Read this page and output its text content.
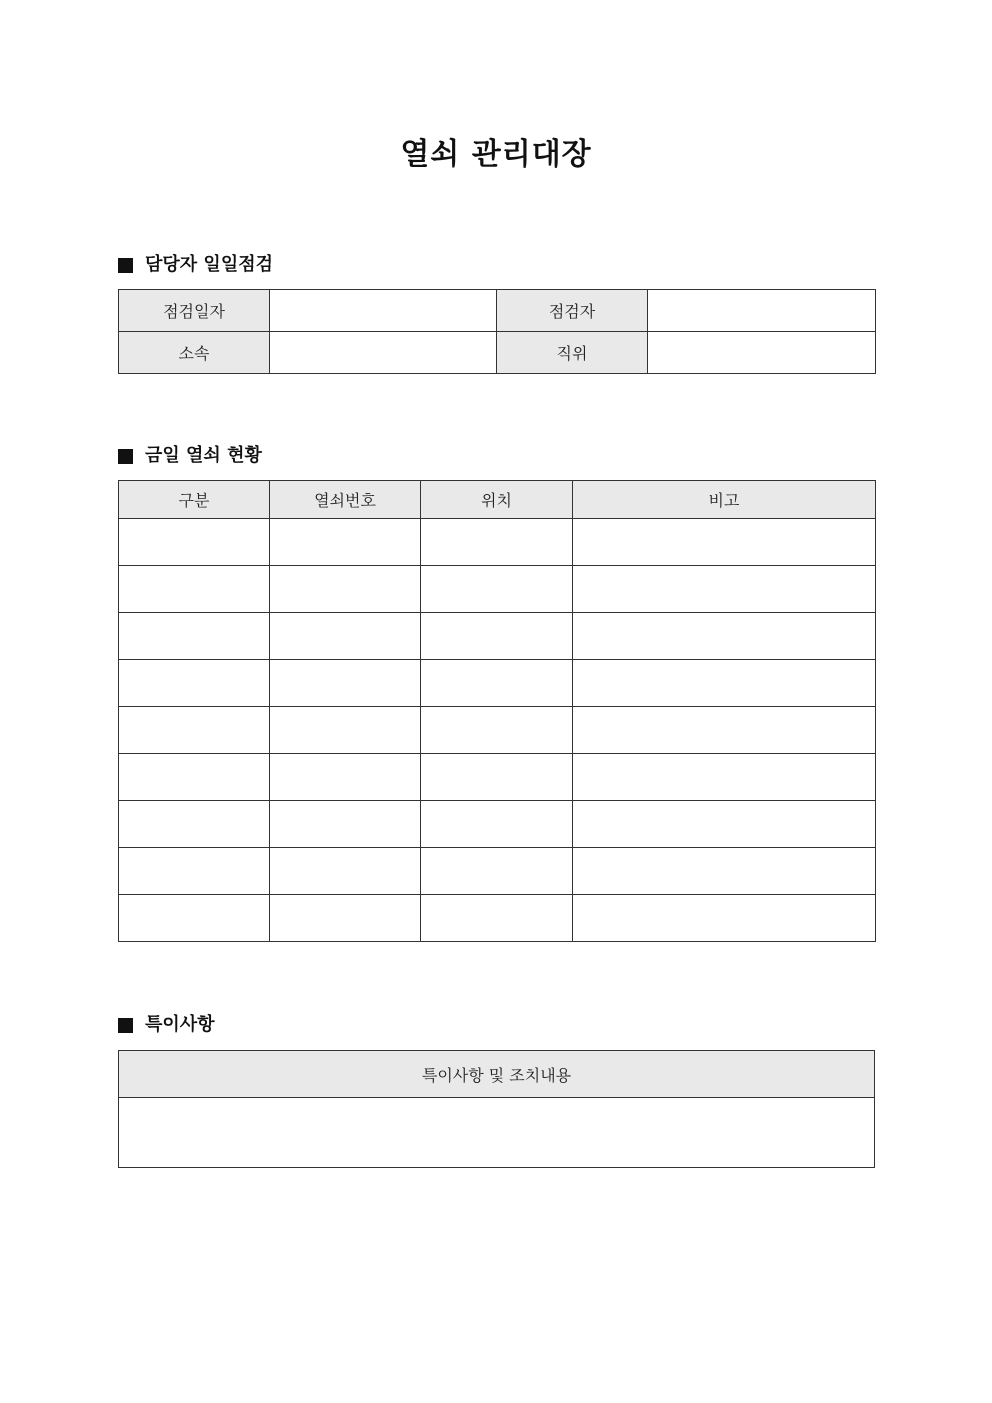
열쇠 관리대장
담당자 일일점검
점검일자		점검자	
소속		직위	
금일 열쇠 현황
구분	열쇠번호	위치	비고

특이사항
특이사항 및 조치내용
